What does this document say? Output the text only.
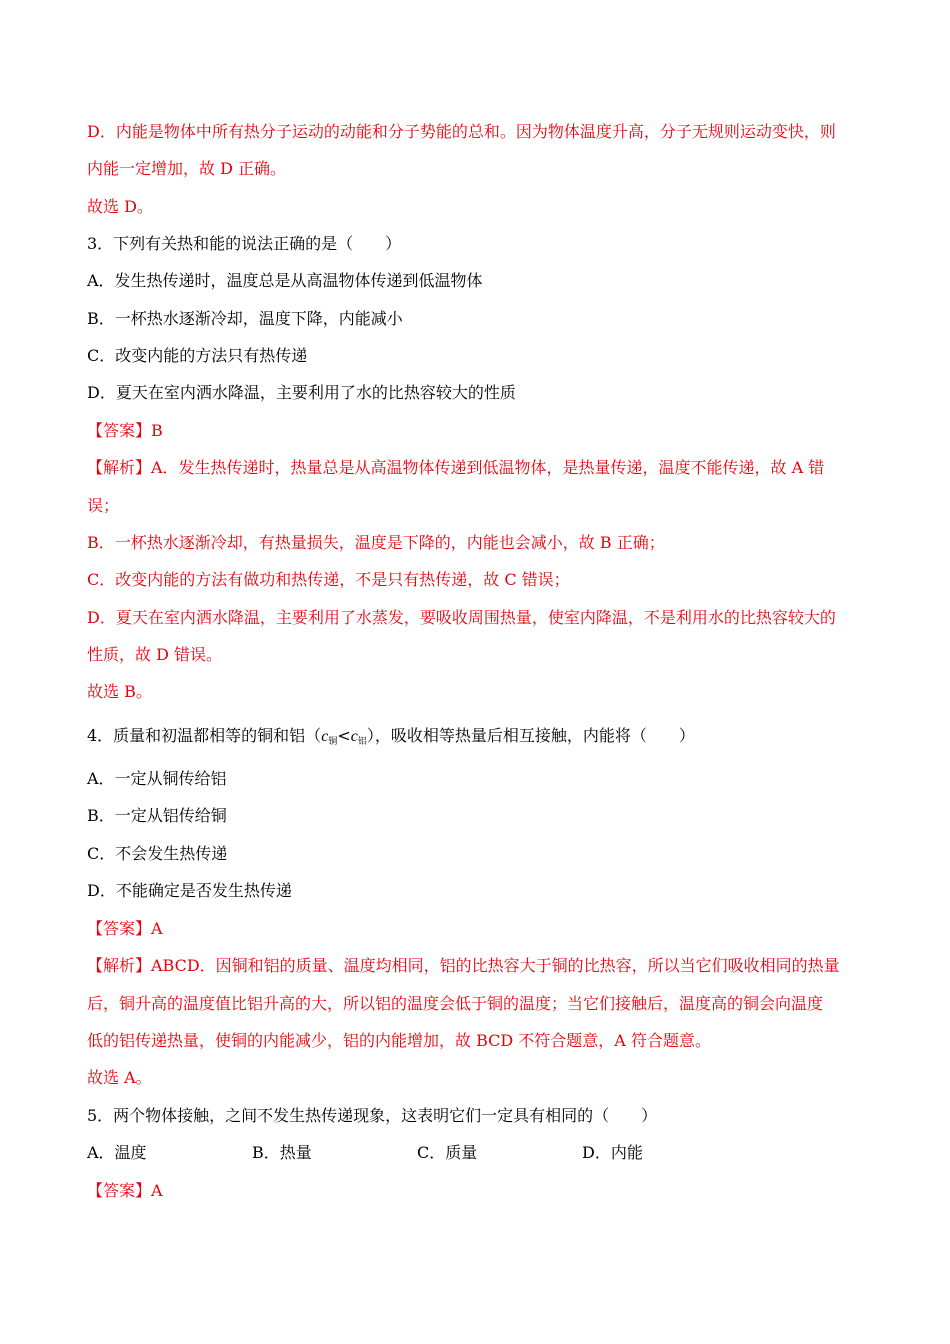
D．内能是物体中所有热分子运动的动能和分子势能的总和。因为物体温度升高，分子无规则运动变快，则
内能一定增加，故 D 正确。
故选 D。
3．下列有关热和能的说法正确的是（　　）
A．发生热传递时，温度总是从高温物体传递到低温物体
B．一杯热水逐渐冷却，温度下降，内能减小
C．改变内能的方法只有热传递
D．夏天在室内洒水降温，主要利用了水的比热容较大的性质
【答案】B
【解析】A．发生热传递时，热量总是从高温物体传递到低温物体，是热量传递，温度不能传递，故 A 错
误；
B．一杯热水逐渐冷却，有热量损失，温度是下降的，内能也会减小，故 B 正确；
C．改变内能的方法有做功和热传递，不是只有热传递，故 C 错误；
D．夏天在室内洒水降温，主要利用了水蒸发，要吸收周围热量，使室内降温，不是利用水的比热容较大的
性质，故 D 错误。
故选 B。
4．质量和初温都相等的铜和铝$(c_铜<c_铝)$，吸收相等热量后相互接触，内能将（　　）
A．一定从铜传给铝
B．一定从铝传给铜
C．不会发生热传递
D．不能确定是否发生热传递
【答案】A
【解析】ABCD．因铜和铝的质量、温度均相同，铝的比热容大于铜的比热容，所以当它们吸收相同的热量
后，铜升高的温度值比铝升高的大，所以铝的温度会低于铜的温度；当它们接触后，温度高的铜会向温度
低的铝传递热量，使铜的内能减少，铝的内能增加，故 BCD 不符合题意，A 符合题意。
故选 A。
5．两个物体接触，之间不发生热传递现象，这表明它们一定具有相同的（　　）
A．温度	B．热量	C．质量	D．内能
【答案】A
